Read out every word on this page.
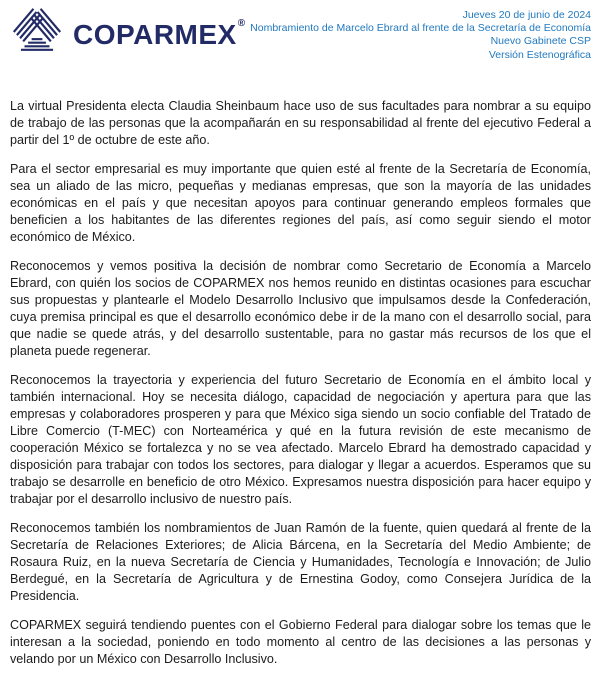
COPARMEX®
Jueves 20 de junio de 2024
Nombramiento de Marcelo Ebrard al frente de la Secretaría de Economía
Nuevo Gabinete CSP
Versión Estenográfica

La virtual Presidenta electa Claudia Sheinbaum hace uso de sus facultades para nombrar a su equipo de trabajo de las personas que la acompañarán en su responsabilidad al frente del ejecutivo Federal a partir del 1º de octubre de este año.

Para el sector empresarial es muy importante que quien esté al frente de la Secretaría de Economía, sea un aliado de las micro, pequeñas y medianas empresas, que son la mayoría de las unidades económicas en el país y que necesitan apoyos para continuar generando empleos formales que beneficien a los habitantes de las diferentes regiones del país, así como seguir siendo el motor económico de México.

Reconocemos y vemos positiva la decisión de nombrar como Secretario de Economía a Marcelo Ebrard, con quién los socios de COPARMEX nos hemos reunido en distintas ocasiones para escuchar sus propuestas y plantearle el Modelo Desarrollo Inclusivo que impulsamos desde la Confederación, cuya premisa principal es que el desarrollo económico debe ir de la mano con el desarrollo social, para que nadie se quede atrás, y del desarrollo sustentable, para no gastar más recursos de los que el planeta puede regenerar.

Reconocemos la trayectoria y experiencia del futuro Secretario de Economía en el ámbito local y también internacional. Hoy se necesita diálogo, capacidad de negociación y apertura para que las empresas y colaboradores prosperen y para que México siga siendo un socio confiable del Tratado de Libre Comercio (T-MEC) con Norteamérica y qué en la futura revisión de este mecanismo de cooperación México se fortalezca y no se vea afectado. Marcelo Ebrard ha demostrado capacidad y disposición para trabajar con todos los sectores, para dialogar y llegar a acuerdos. Esperamos que su trabajo se desarrolle en beneficio de otro México. Expresamos nuestra disposición para hacer equipo y trabajar por el desarrollo inclusivo de nuestro país.

Reconocemos también los nombramientos de Juan Ramón de la fuente, quien quedará al frente de la Secretaría de Relaciones Exteriores; de Alicia Bárcena, en la Secretaría del Medio Ambiente; de Rosaura Ruiz, en la nueva Secretaría de Ciencia y Humanidades, Tecnología e Innovación; de Julio Berdegué, en la Secretaría de Agricultura y de Ernestina Godoy, como Consejera Jurídica de la Presidencia.

COPARMEX seguirá tendiendo puentes con el Gobierno Federal para dialogar sobre los temas que le interesan a la sociedad, poniendo en todo momento al centro de las decisiones a las personas y velando por un México con Desarrollo Inclusivo.
